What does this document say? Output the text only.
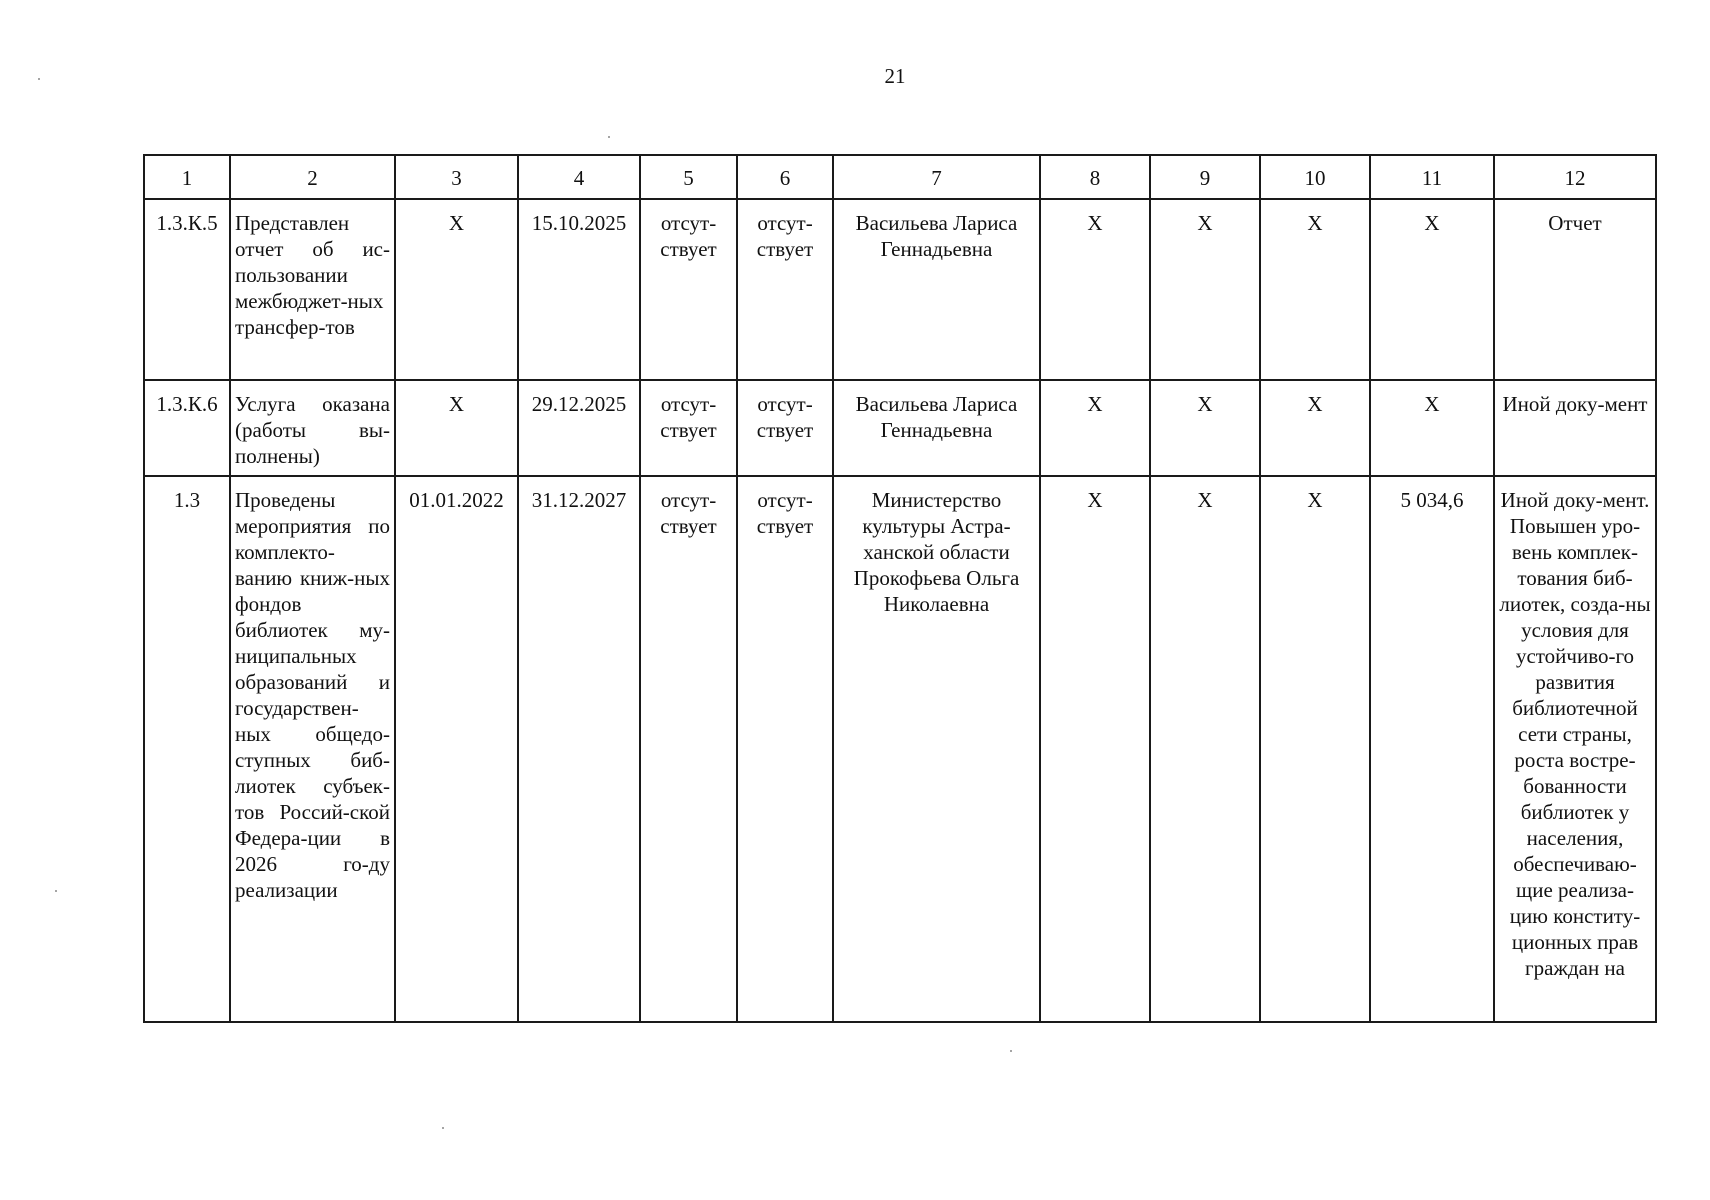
21
1	2	3	4	5	6	7	8	9	10	11	12
1.3.К.5	Представлен отчет об ис-пользовании межбюджет-ных трансфер-тов	X	15.10.2025	отсут-ствует	отсут-ствует	Васильева Лариса Геннадьевна	X	X	X	X	Отчет
1.3.К.6	Услуга оказана (работы вы-полнены)	X	29.12.2025	отсут-ствует	отсут-ствует	Васильева Лариса Геннадьевна	X	X	X	X	Иной доку-мент
1.3	Проведены мероприятия по комплекто-ванию книж-ных фондов библиотек му-ниципальных образований и государствен-ных общедо-ступных биб-лиотек субъек-тов Россий-ской Федера-ции в 2026 го-ду реализации	01.01.2022	31.12.2027	отсут-ствует	отсут-ствует	Министерство культуры Астра-ханской области Прокофьева Ольга Николаевна	X	X	X	5 034,6	Иной доку-мент. Повышен уро-вень комплек-тования биб-лиотек, созда-ны условия для устойчиво-го развития библиотечной сети страны, роста востре-бованности библиотек у населения, обеспечиваю-щие реализа-цию конститу-ционных прав граждан на
